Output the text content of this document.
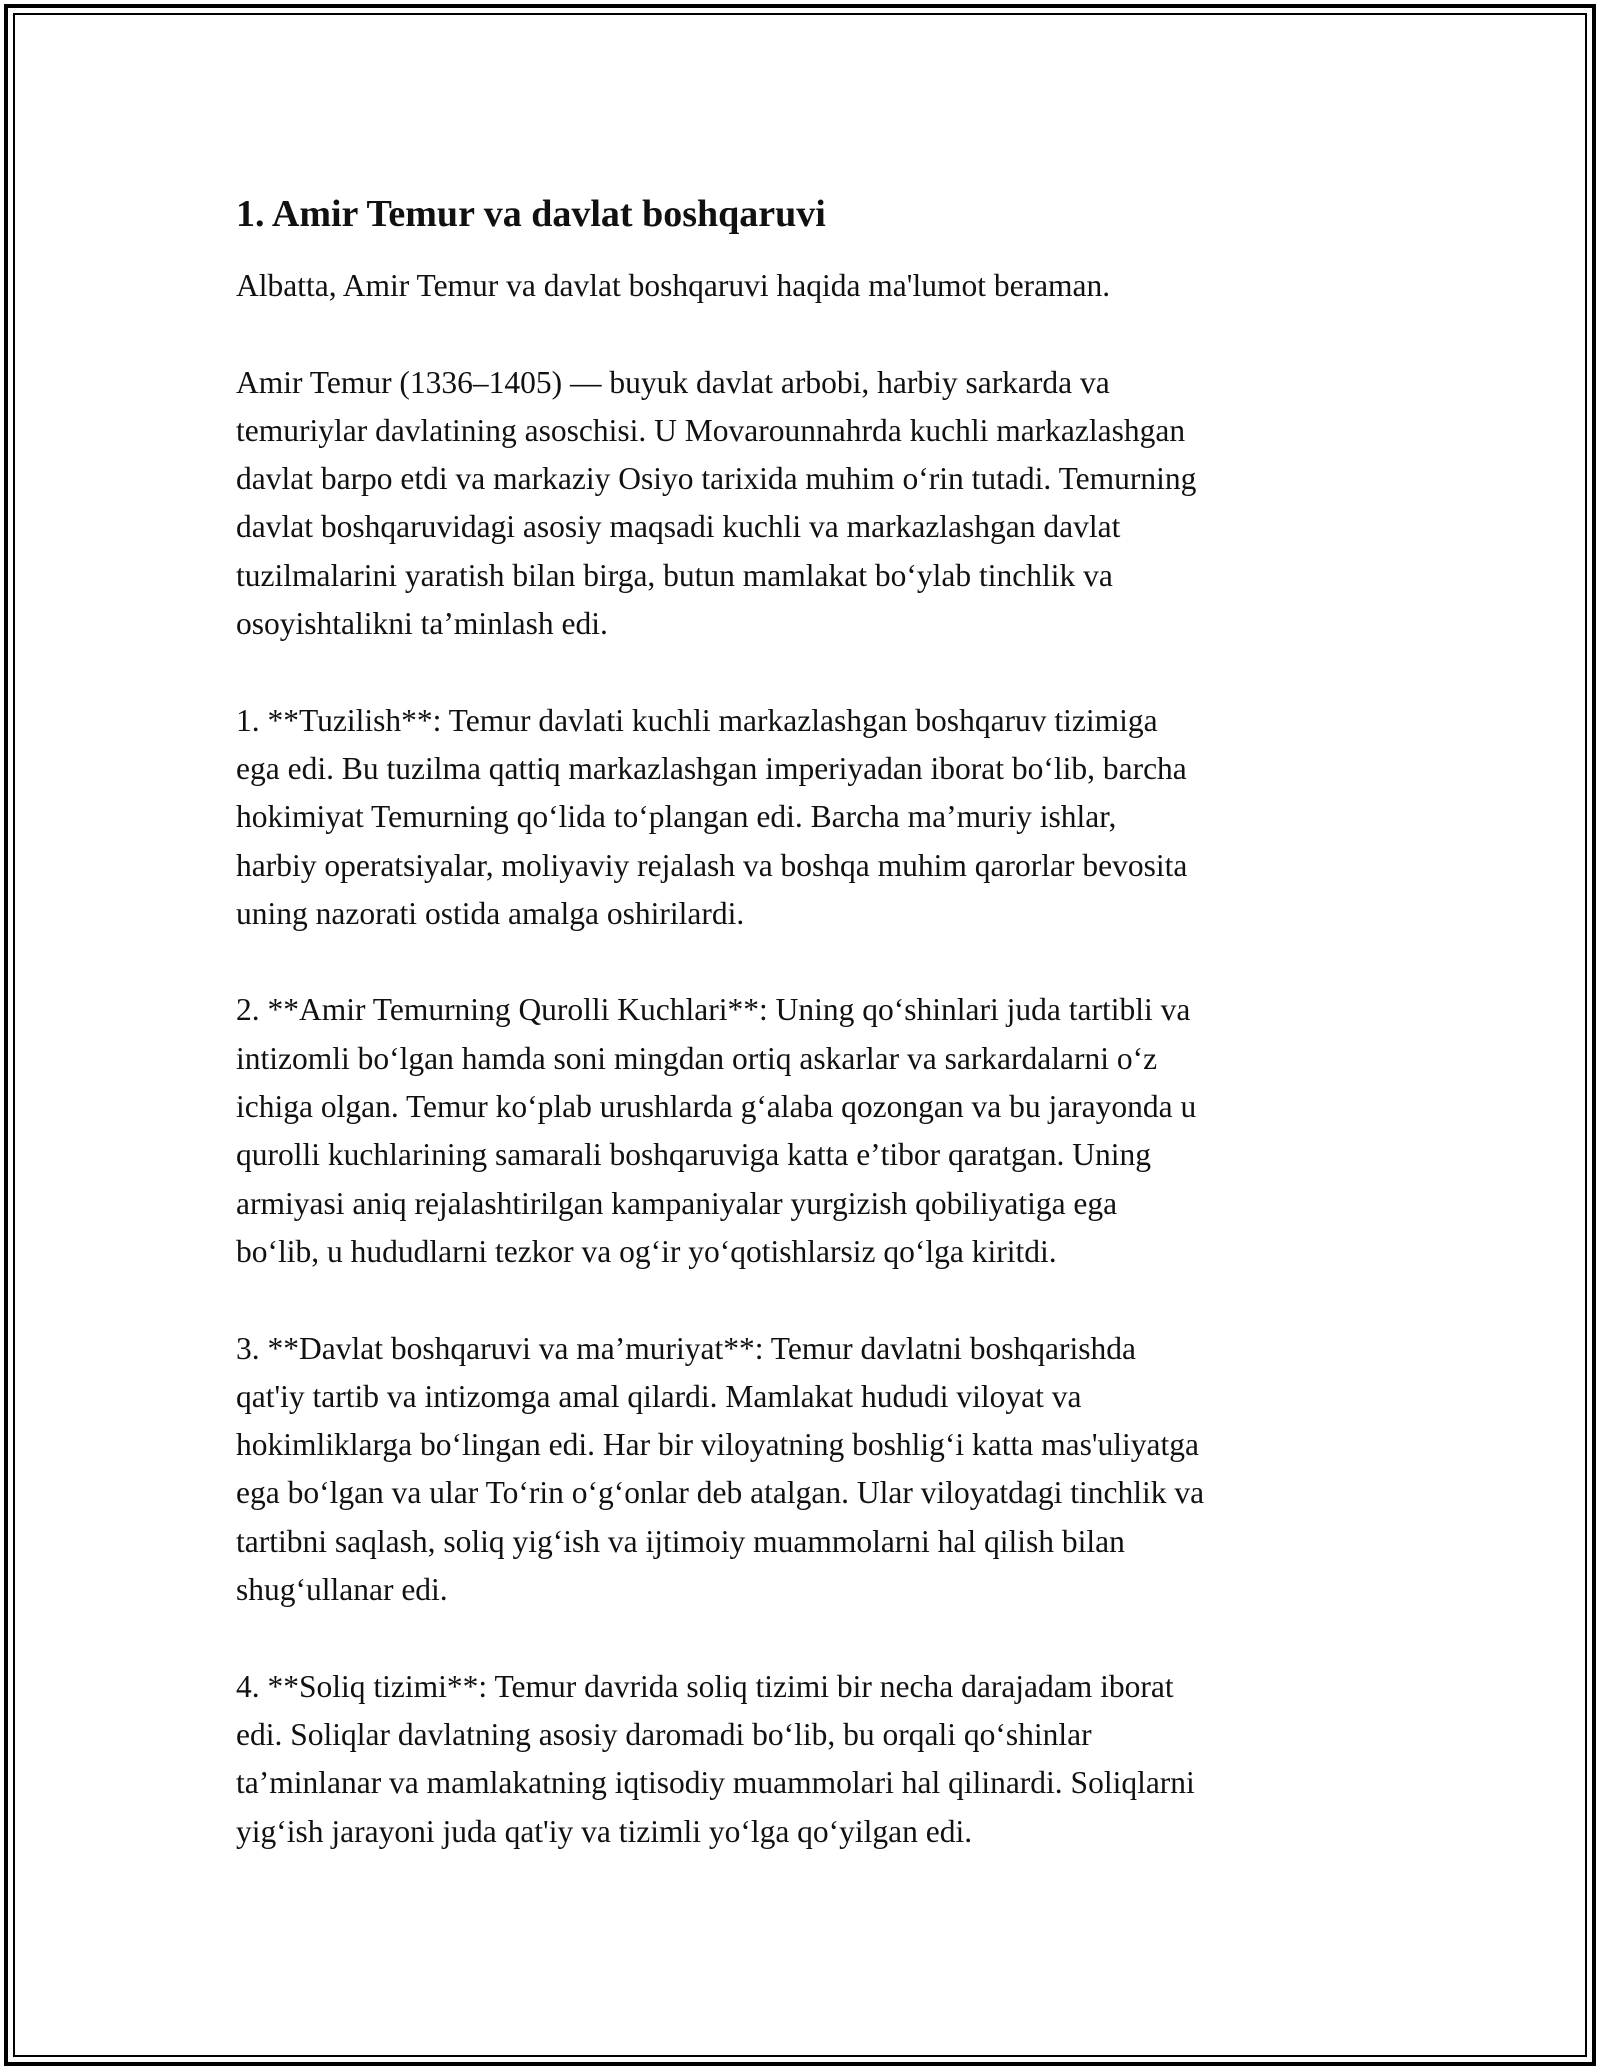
1. Amir Temur va davlat boshqaruvi

Albatta, Amir Temur va davlat boshqaruvi haqida ma'lumot beraman.

Amir Temur (1336–1405) — buyuk davlat arbobi, harbiy sarkarda va
temuriylar davlatining asoschisi. U Movarounnahrda kuchli markazlashgan
davlat barpo etdi va markaziy Osiyo tarixida muhim oʻrin tutadi. Temurning
davlat boshqaruvidagi asosiy maqsadi kuchli va markazlashgan davlat
tuzilmalarini yaratish bilan birga, butun mamlakat boʻylab tinchlik va
osoyishtalikni taʼminlash edi.

1. **Tuzilish**: Temur davlati kuchli markazlashgan boshqaruv tizimiga
ega edi. Bu tuzilma qattiq markazlashgan imperiyadan iborat boʻlib, barcha
hokimiyat Temurning qoʻlida toʻplangan edi. Barcha maʼmuriy ishlar,
harbiy operatsiyalar, moliyaviy rejalash va boshqa muhim qarorlar bevosita
uning nazorati ostida amalga oshirilardi.

2. **Amir Temurning Qurolli Kuchlari**: Uning qoʻshinlari juda tartibli va
intizomli boʻlgan hamda soni mingdan ortiq askarlar va sarkardalarni oʻz
ichiga olgan. Temur koʻplab urushlarda gʻalaba qozongan va bu jarayonda u
qurolli kuchlarining samarali boshqaruviga katta eʼtibor qaratgan. Uning
armiyasi aniq rejalashtirilgan kampaniyalar yurgizish qobiliyatiga ega
boʻlib, u hududlarni tezkor va ogʻir yoʻqotishlarsiz qoʻlga kiritdi.

3. **Davlat boshqaruvi va maʼmuriyat**: Temur davlatni boshqarishda
qat'iy tartib va intizomga amal qilardi. Mamlakat hududi viloyat va
hokimliklarga boʻlingan edi. Har bir viloyatning boshligʻi katta mas'uliyatga
ega boʻlgan va ular Toʻrin oʻgʻonlar deb atalgan. Ular viloyatdagi tinchlik va
tartibni saqlash, soliq yigʻish va ijtimoiy muammolarni hal qilish bilan
shugʻullanar edi.

4. **Soliq tizimi**: Temur davrida soliq tizimi bir necha darajadam iborat
edi. Soliqlar davlatning asosiy daromadi boʻlib, bu orqali qoʻshinlar
taʼminlanar va mamlakatning iqtisodiy muammolari hal qilinardi. Soliqlarni
yigʻish jarayoni juda qat'iy va tizimli yoʻlga qoʻyilgan edi.
